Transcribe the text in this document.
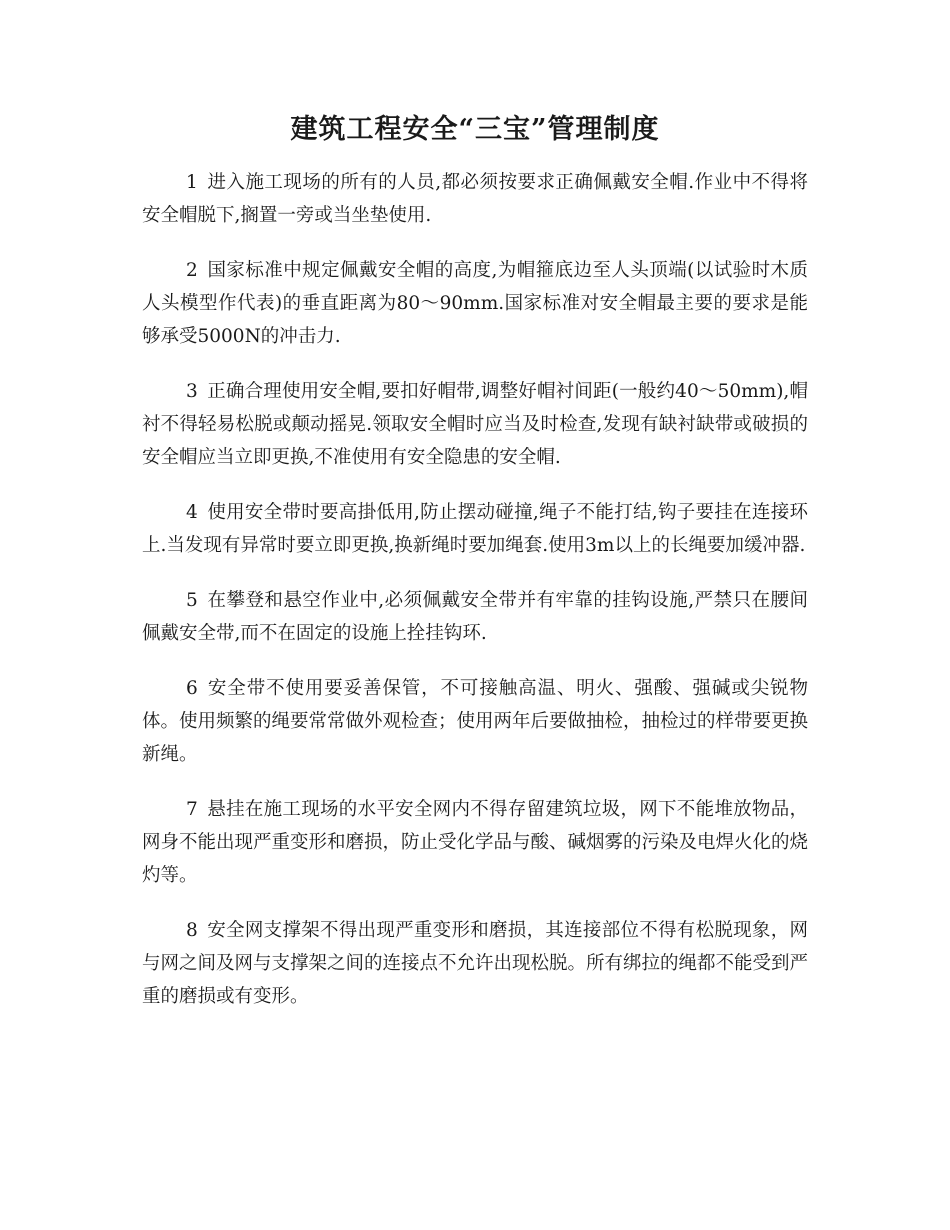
建筑工程安全“三宝”管理制度

1 进入施工现场的所有的人员,都必须按要求正确佩戴安全帽.作业中不得将安全帽脱下,搁置一旁或当坐垫使用.

2 国家标准中规定佩戴安全帽的高度,为帽箍底边至人头顶端(以试验时木质人头模型作代表)的垂直距离为80～90mm.国家标准对安全帽最主要的要求是能够承受5000N的冲击力.

3 正确合理使用安全帽,要扣好帽带,调整好帽衬间距(一般约40～50mm),帽衬不得轻易松脱或颠动摇晃.领取安全帽时应当及时检查,发现有缺衬缺带或破损的安全帽应当立即更换,不准使用有安全隐患的安全帽.

4 使用安全带时要高掛低用,防止摆动碰撞,绳子不能打结,钩子要挂在连接环上.当发现有异常时要立即更换,换新绳时要加绳套.使用3m以上的长绳要加缓冲器.

5 在攀登和悬空作业中,必须佩戴安全带并有牢靠的挂钩设施,严禁只在腰间佩戴安全带,而不在固定的设施上拴挂钩环.

6 安全带不使用要妥善保管，不可接触高温、明火、强酸、强碱或尖锐物体。使用频繁的绳要常常做外观检查；使用两年后要做抽检，抽检过的样带要更换新绳。

7 悬挂在施工现场的水平安全网内不得存留建筑垃圾，网下不能堆放物品，网身不能出现严重变形和磨损，防止受化学品与酸、碱烟雾的污染及电焊火化的烧灼等。

8 安全网支撑架不得出现严重变形和磨损，其连接部位不得有松脱现象，网与网之间及网与支撑架之间的连接点不允许出现松脱。所有绑拉的绳都不能受到严重的磨损或有变形。
